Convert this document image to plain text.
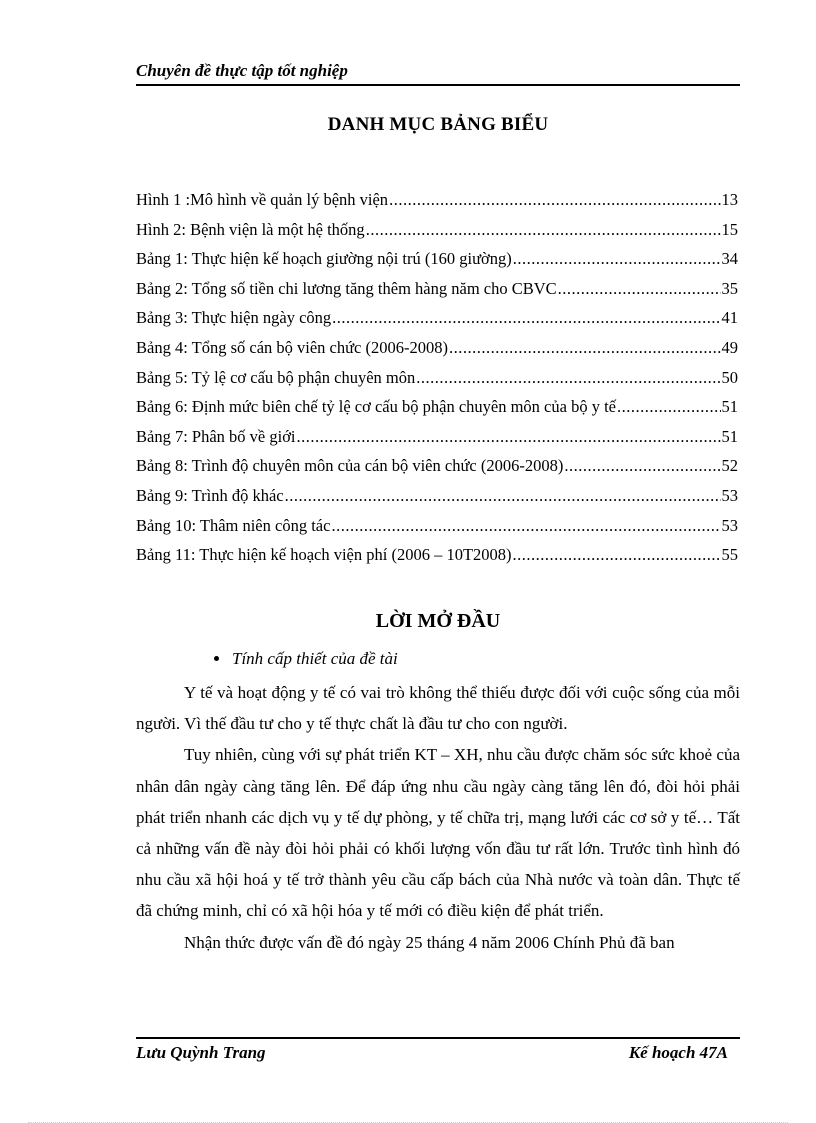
Chuyên đề thực tập tốt nghiệp
DANH MỤC BẢNG BIỂU
Hình 1 :Mô hình về quản lý bệnh viện .....	13
Hình 2: Bệnh viện là một hệ thống .....	15
Bảng 1: Thực hiện kế hoạch giường nội trú (160 giường) .....	34
Bảng 2: Tổng số tiền chi lương tăng thêm hàng năm cho CBVC .....	35
Bảng 3: Thực hiện ngày công .....	41
Bảng 4: Tổng số cán bộ viên chức (2006-2008) .....	49
Bảng 5: Tỷ lệ cơ cấu bộ phận chuyên môn .....	50
Bảng 6: Định mức biên chế tỷ lệ cơ cấu bộ phận chuyên môn của bộ y tế .....	51
Bảng 7: Phân bố về giới .....	51
Bảng 8: Trình độ chuyên môn của cán bộ viên chức (2006-2008) .....	52
Bảng 9: Trình độ khác .....	53
Bảng 10: Thâm niên công tác .....	53
Bảng 11: Thực hiện kế hoạch viện phí (2006 – 10T2008) .....	55
LỜI MỞ ĐẦU
Tính cấp thiết của đề tài

Y tế và hoạt động y tế có vai trò không thể thiếu được đối với cuộc sống của mỗi người. Vì thế đầu tư cho y tế thực chất là đầu tư cho con người.

Tuy nhiên, cùng với sự phát triển KT – XH, nhu cầu được chăm sóc sức khoẻ của nhân dân ngày càng tăng lên. Để đáp ứng nhu cầu ngày càng tăng lên đó, đòi hỏi phải phát triển nhanh các dịch vụ y tế dự phòng, y tế chữa trị, mạng lưới các cơ sở y tế… Tất cả những vấn đề này đòi hỏi phải có khối lượng vốn đầu tư rất lớn. Trước tình hình đó nhu cầu xã hội hoá y tế trở thành yêu cầu cấp bách của Nhà nước và toàn dân. Thực tế đã chứng minh, chỉ có xã hội hóa y tế mới có điều kiện để phát triển.

Nhận thức được vấn đề đó ngày 25 tháng 4 năm 2006 Chính Phủ đã ban

Lưu Quỳnh Trang	Kế hoạch 47A
